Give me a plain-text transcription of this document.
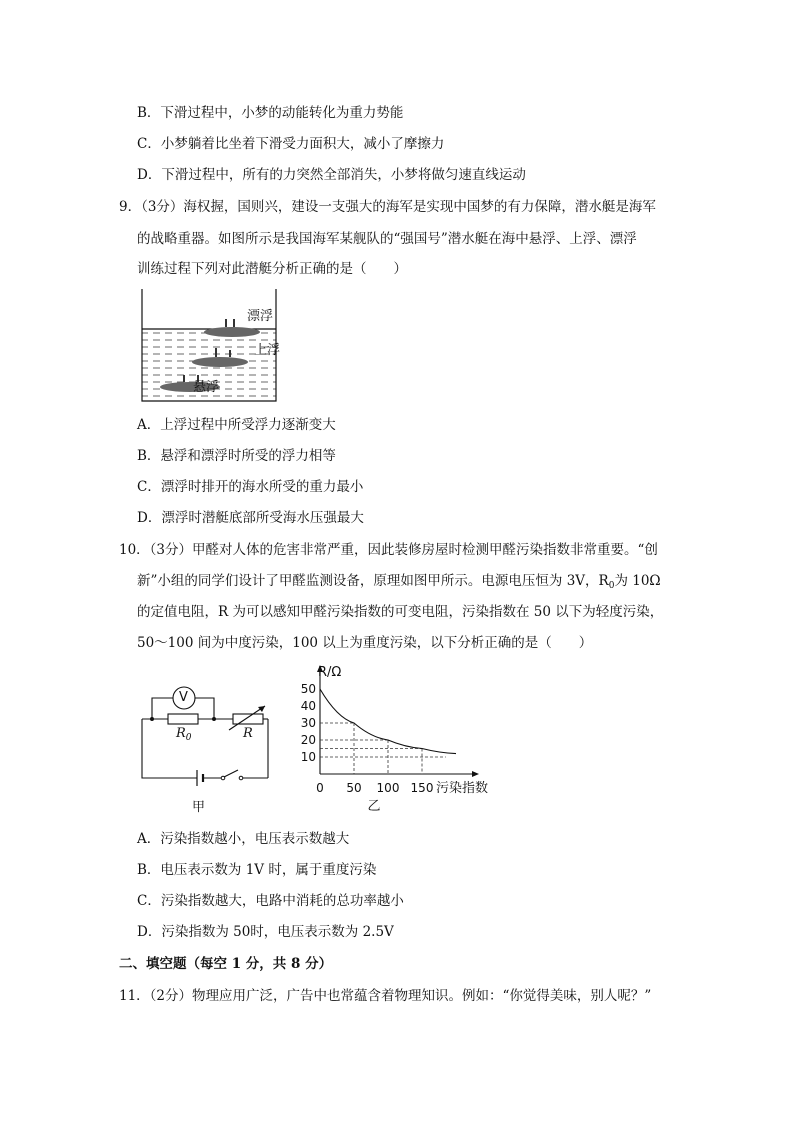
B．下滑过程中，小梦的动能转化为重力势能
C．小梦躺着比坐着下滑受力面积大，减小了摩擦力
D．下滑过程中，所有的力突然全部消失，小梦将做匀速直线运动
9．（3分）海权握，国则兴，建设一支强大的海军是实现中国梦的有力保障，潜水艇是海军
的战略重器。如图所示是我国海军某舰队的“强国号”潜水艇在海中悬浮、上浮、漂浮
训练过程下列对此潜艇分析正确的是（　　）
漂浮
上浮
悬浮
A．上浮过程中所受浮力逐渐变大
B．悬浮和漂浮时所受的浮力相等
C．漂浮时排开的海水所受的重力最小
D．漂浮时潜艇底部所受海水压强最大
10．（3分）甲醛对人体的危害非常严重，因此装修房屋时检测甲醛污染指数非常重要。“创
新”小组的同学们设计了甲醛监测设备，原理如图甲所示。电源电压恒为 3V，$R_0$为 10Ω
的定值电阻，R 为可以感知甲醛污染指数的可变电阻，污染指数在 50 以下为轻度污染，
50～100 间为中度污染，100 以上为重度污染，以下分析正确的是（　　）
V
$R_0$	R
甲
10
20
30
40
50
0 50 100 150
R/Ω
污染指数
乙
A．污染指数越小，电压表示数越大
B．电压表示数为 1V 时，属于重度污染
C．污染指数越大，电路中消耗的总功率越小
D．污染指数为 50时，电压表示数为 2.5V
二、填空题（每空 1 分，共 8 分）
11．（2分）物理应用广泛，广告中也常蕴含着物理知识。例如：“你觉得美味，别人呢？”
